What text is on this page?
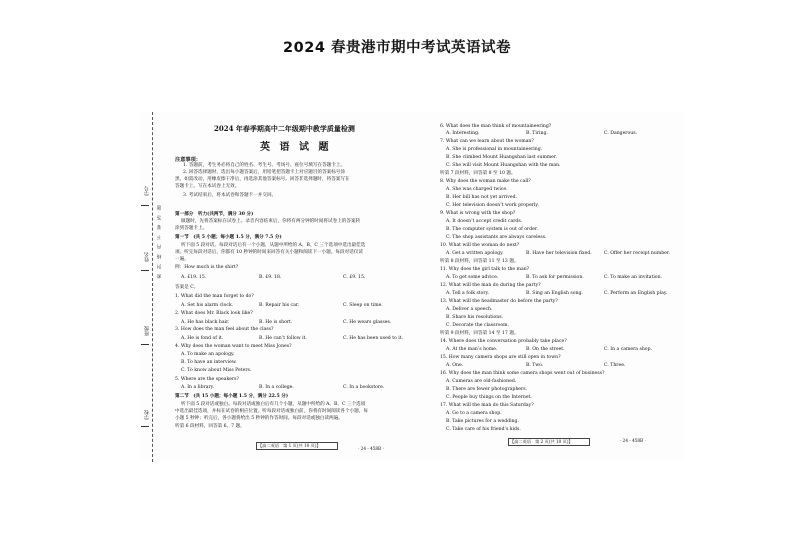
2024 春贵港市期中考试英语试卷
学号
姓名
班级
学校
密　封　线　内　不　要　答　题
2024 年春季期高中二年级期中教学质量检测
英 语 试 题
注意事项：
1. 答题前，考生务必将自己的姓名、考生号、考场号、座位号填写在答题卡上。
2. 回答选择题时，选出每小题答案后，用铅笔把答题卡上对应题目的答案标号涂
黑。如需改动，用橡皮擦干净后，再选涂其他答案标号。回答非选择题时，将答案写在
答题卡上。写在本试卷上无效。
3. 考试结束后，将本试卷和答题卡一并交回。
第一部分　听力(共两节，满分 30 分)
做题时，先将答案标在试卷上。录音内容结束后，你将有两分钟的时间将试卷上的答案转
涂到答题卡上。
第一节　(共 5 小题；每小题 1.5 分，满分 7.5 分)
听下面 5 段对话。每段对话后有一个小题，从题中所给的 A、B、C 三个选项中选出最佳选
项。听完每段对话后，你都有 10 秒钟的时间来回答有关小题和阅读下一小题。每段对话仅读
一遍。
例：How much is the shirt?
A. £19. 15.	B. £9. 18.	C. £9. 15.
答案是 C。
1. What did the man forget to do?
A. Set his alarm clock.	B. Repair his car.	C. Sleep on time.
2. What does Mr. Black look like?
A. He has black hair.	B. He is short.	C. He wears glasses.
3. How does the man feel about the class?
A. He is fond of it.	B. He can’t follow it.	C. He has been used to it.
4. Why does the woman want to meet Miss Jones?
A. To make an apology.
B. To have an interview.
C. To know about Miss Peters.
5. Where are the speakers?
A. In a library.	B. In a college.	C. In a bookstore.
第二节　(共 15 小题；每小题 1.5 分，满分 22.5 分)
听下面 5 段对话或独白。每段对话或独白后有几个小题，从题中所给的 A、B、C 三个选项
中选出最佳选项，并标在试卷的相应位置。听每段对话或独白前，你将有时间阅读各个小题，每
小题 5 秒钟；听完后，各小题将给出 5 秒钟的作答时间。每段对话或独白读两遍。
听第 6 段材料，回答第 6、7 题。
【高二英语　第 1 页(共 10 页)】
· 24 - 458B ·
6. What does the man think of mountaineering?
A. Interesting.	B. Tiring.	C. Dangerous.
7. What can we learn about the woman?
A. She is professional in mountaineering.
B. She climbed Mount Huangshan last summer.
C. She will visit Mount Huangshan with the man.
听第 7 段材料，回答第 8 至 10 题。
8. Why does the woman make the call?
A. She was charged twice.
B. Her bill has not yet arrived.
C. Her television doesn’t work properly.
9. What is wrong with the shop?
A. It doesn’t accept credit cards.
B. The computer system is out of order.
C. The shop assistants are always careless.
10. What will the woman do next?
A. Get a written apology.	B. Have her television fixed.	C. Offer her receipt number.
听第 8 段材料，回答第 11 至 13 题。
11. Why does the girl talk to the man?
A. To get some advice.	B. To ask for permission.	C. To make an invitation.
12. What will the man do during the party?
A. Tell a folk story.	B. Sing an English song.	C. Perform an English play.
13. What will the headmaster do before the party?
A. Deliver a speech.
B. Share his resolutions.
C. Decorate the classroom.
听第 9 段材料，回答第 14 至 17 题。
14. Where does the conversation probably take place?
A. At the man’s home.	B. On the street.	C. In a camera shop.
15. How many camera shops are still open in town?
A. One.	B. Two.	C. Three.
16. Why does the man think some camera shops went out of business?
A. Cameras are old-fashioned.
B. There are fewer photographers.
C. People buy things on the Internet.
17. What will the man do this Saturday?
A. Go to a camera shop.
B. Take pictures for a wedding.
C. Take care of his friend’s kids.
【高二英语　第 2 页(共 10 页)】	· 24 - 458B ·
